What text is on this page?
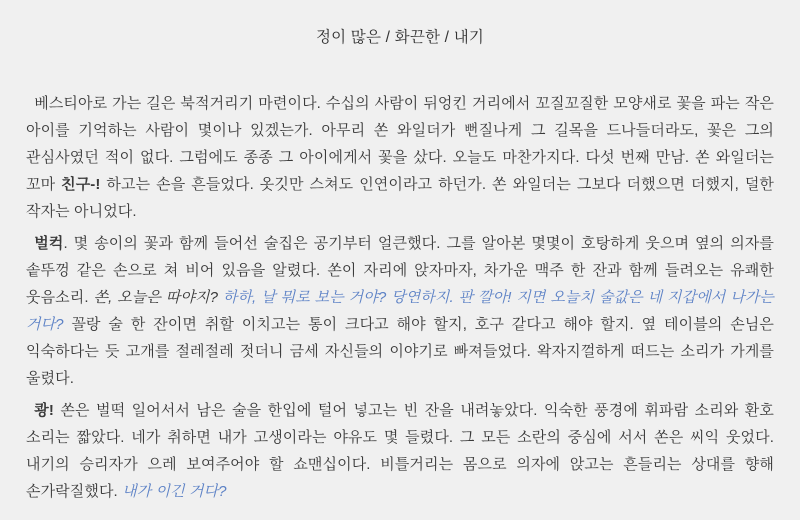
정이 많은 / 화끈한 / 내기

베스티아로 가는 길은 북적거리기 마련이다. 수십의 사람이 뒤엉킨 거리에서 꼬질꼬질한 모양새로 꽃을 파는 작은 아이를 기억하는 사람이 몇이나 있겠는가. 아무리 쏜 와일더가 뻔질나게 그 길목을 드나들더라도, 꽃은 그의 관심사였던 적이 없다. 그럼에도 종종 그 아이에게서 꽃을 샀다. 오늘도 마찬가지다. 다섯 번째 만남. 쏜 와일더는 꼬마 친구-! 하고는 손을 흔들었다. 옷깃만 스쳐도 인연이라고 하던가. 쏜 와일더는 그보다 더했으면 더했지, 덜한 작자는 아니었다.

벌컥. 몇 송이의 꽃과 함께 들어선 술집은 공기부터 얼큰했다. 그를 알아본 몇몇이 호탕하게 웃으며 옆의 의자를 솥뚜껑 같은 손으로 쳐 비어 있음을 알렸다. 쏜이 자리에 앉자마자, 차가운 맥주 한 잔과 함께 들려오는 유쾌한 웃음소리. 쏜, 오늘은 따야지? 하하, 날 뭐로 보는 거야? 당연하지. 판 깔아! 지면 오늘치 술값은 네 지갑에서 나가는 거다? 꼴랑 술 한 잔이면 취할 이치고는 통이 크다고 해야 할지, 호구 같다고 해야 할지. 옆 테이블의 손님은 익숙하다는 듯 고개를 절레절레 젓더니 금세 자신들의 이야기로 빠져들었다. 왁자지껄하게 떠드는 소리가 가게를 울렸다.

쾅! 쏜은 벌떡 일어서서 남은 술을 한입에 털어 넣고는 빈 잔을 내려놓았다. 익숙한 풍경에 휘파람 소리와 환호 소리는 짧았다. 네가 취하면 내가 고생이라는 야유도 몇 들렸다. 그 모든 소란의 중심에 서서 쏜은 씨익 웃었다. 내기의 승리자가 으레 보여주어야 할 쇼맨십이다. 비틀거리는 몸으로 의자에 앉고는 흔들리는 상대를 향해 손가락질했다. 내가 이긴 거다?
